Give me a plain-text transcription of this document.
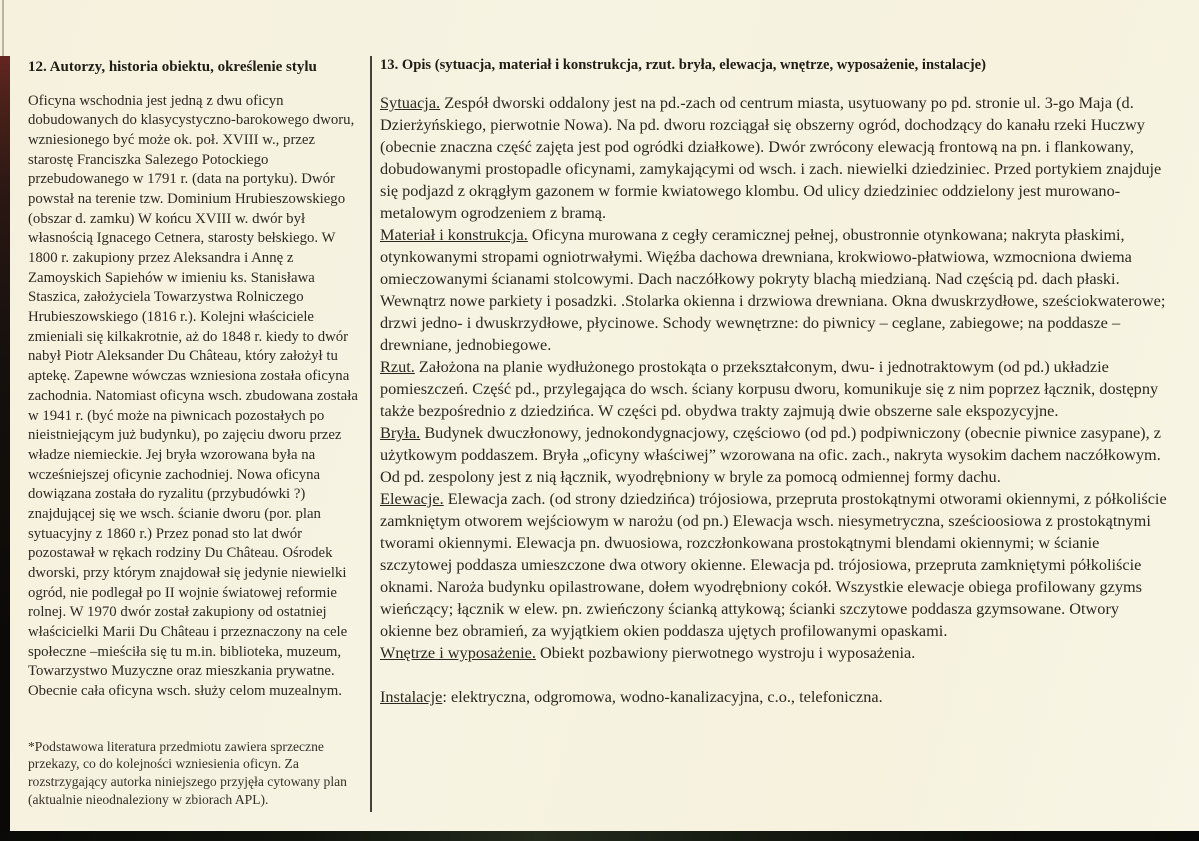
12. Autorzy, historia obiektu, określenie stylu

Oficyna wschodnia jest jedną z dwu oficyn dobudowanych do klasycystyczno-barokowego dworu, wzniesionego być może ok. poł. XVIII w., przez starostę Franciszka Salezego Potockiego przebudowanego w 1791 r. (data na portyku). Dwór powstał na terenie tzw. Dominium Hrubieszowskiego (obszar d. zamku) W końcu XVIII w. dwór był własnością Ignacego Cetnera, starosty bełskiego. W 1800 r. zakupiony przez Aleksandra i Annę z Zamoyskich Sapiehów w imieniu ks. Stanisława Staszica, założyciela Towarzystwa Rolniczego Hrubieszowskiego (1816 r.). Kolejni właściciele zmieniali się kilkakrotnie, aż do 1848 r. kiedy to dwór nabył Piotr Aleksander Du Château, który założył tu aptekę. Zapewne wówczas wzniesiona została oficyna zachodnia. Natomiast oficyna wsch. zbudowana została w 1941 r. (być może na piwnicach pozostałych po nieistniejącym już budynku), po zajęciu dworu przez władze niemieckie. Jej bryła wzorowana była na wcześniejszej oficynie zachodniej. Nowa oficyna dowiązana została do ryzalitu (przybudówki ?) znajdującej się we wsch. ścianie dworu (por. plan sytuacyjny z 1860 r.) Przez ponad sto lat dwór pozostawał w rękach rodziny Du Château. Ośrodek dworski, przy którym znajdował się jedynie niewielki ogród, nie podlegał po II wojnie światowej reformie rolnej. W 1970 dwór został zakupiony od ostatniej właścicielki Marii Du Château i przeznaczony na cele społeczne –mieściła się tu m.in. biblioteka, muzeum, Towarzystwo Muzyczne oraz mieszkania prywatne. Obecnie cała oficyna wsch. służy celom muzealnym.

*Podstawowa literatura przedmiotu zawiera sprzeczne przekazy, co do kolejności wzniesienia oficyn. Za rozstrzygający autorka niniejszego przyjęła cytowany plan (aktualnie nieodnaleziony w zbiorach APL).

13. Opis (sytuacja, materiał i konstrukcja, rzut. bryła, elewacja, wnętrze, wyposażenie, instalacje)

Sytuacja. Zespół dworski oddalony jest na pd.-zach od centrum miasta, usytuowany po pd. stronie ul. 3-go Maja (d. Dzierżyńskiego, pierwotnie Nowa). Na pd. dworu rozciągał się obszerny ogród, dochodzący do kanału rzeki Huczwy (obecnie znaczna część zajęta jest pod ogródki działkowe). Dwór zwrócony elewacją frontową na pn. i flankowany, dobudowanymi prostopadle oficynami, zamykającymi od wsch. i zach. niewielki dziedziniec. Przed portykiem znajduje się podjazd z okrągłym gazonem w formie kwiatowego klombu. Od ulicy dziedziniec oddzielony jest murowano-metalowym ogrodzeniem z bramą.

Materiał i konstrukcja. Oficyna murowana z cegły ceramicznej pełnej, obustronnie otynkowana; nakryta płaskimi, otynkowanymi stropami ogniotrwałymi. Więźba dachowa drewniana, krokwiowo-płatwiowa, wzmocniona dwiema omieczowanymi ścianami stolcowymi. Dach naczółkowy pokryty blachą miedzianą. Nad częścią pd. dach płaski. Wewnątrz nowe parkiety i posadzki. .Stolarka okienna i drzwiowa drewniana. Okna dwuskrzydłowe, sześciokwaterowe; drzwi jedno- i dwuskrzydłowe, płycinowe. Schody wewnętrzne: do piwnicy – ceglane, zabiegowe; na poddasze – drewniane, jednobiegowe.

Rzut. Założona na planie wydłużonego prostokąta o przekształconym, dwu- i jednotraktowym (od pd.) układzie pomieszczeń. Część pd., przylegająca do wsch. ściany korpusu dworu, komunikuje się z nim poprzez łącznik, dostępny także bezpośrednio z dziedzińca. W części pd. obydwa trakty zajmują dwie obszerne sale ekspozycyjne.

Bryła. Budynek dwuczłonowy, jednokondygnacjowy, częściowo (od pd.) podpiwniczony (obecnie piwnice zasypane), z użytkowym poddaszem. Bryła „oficyny właściwej” wzorowana na ofic. zach., nakryta wysokim dachem naczółkowym. Od pd. zespolony jest z nią łącznik, wyodrębniony w bryle za pomocą odmiennej formy dachu.

Elewacje. Elewacja zach. (od strony dziedzińca) trójosiowa, przepruta prostokątnymi otworami okiennymi, z półkoliście zamkniętym otworem wejściowym w narożu (od pn.) Elewacja wsch. niesymetryczna, sześcioosiowa z prostokątnymi tworami okiennymi. Elewacja pn. dwuosiowa, rozczłonkowana prostokątnymi blendami okiennymi; w ścianie szczytowej poddasza umieszczone dwa otwory okienne. Elewacja pd. trójosiowa, przepruta zamkniętymi półkoliście oknami. Naroża budynku opilastrowane, dołem wyodrębniony cokół. Wszystkie elewacje obiega profilowany gzyms wieńczący; łącznik w elew. pn. zwieńczony ścianką attykową; ścianki szczytowe poddasza gzymsowane. Otwory okienne bez obramień, za wyjątkiem okien poddasza ujętych profilowanymi opaskami.

Wnętrze i wyposażenie. Obiekt pozbawiony pierwotnego wystroju i wyposażenia.

Instalacje: elektryczna, odgromowa, wodno-kanalizacyjna, c.o., telefoniczna.
